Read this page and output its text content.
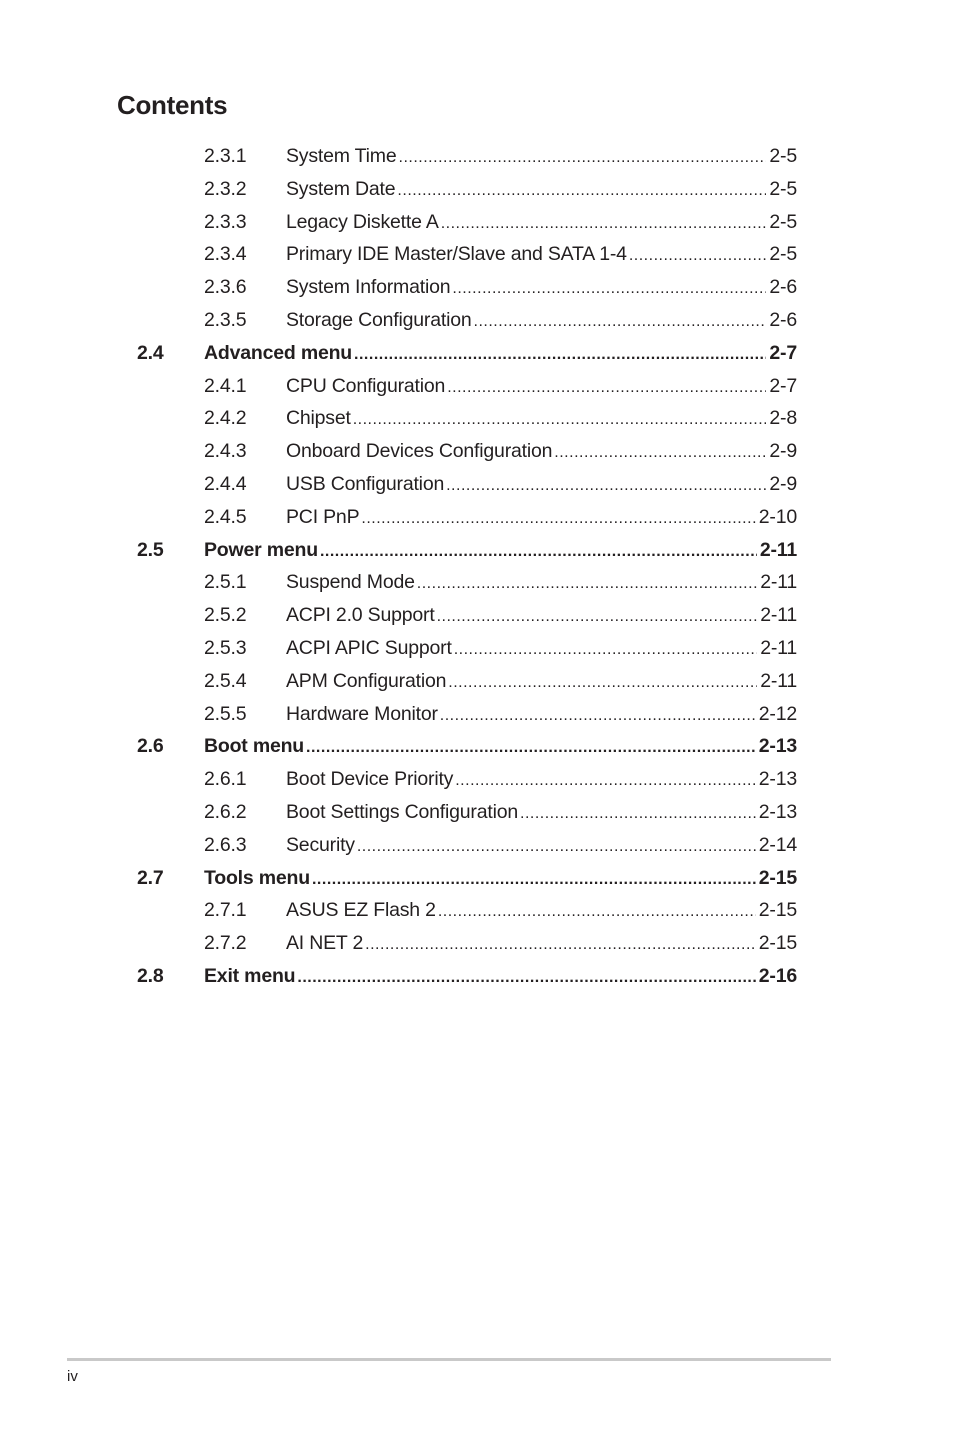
Contents
2.3.1 System Time .....	2-5
2.3.2 System Date .....	2-5
2.3.3 Legacy Diskette A .....	2-5
2.3.4 Primary IDE Master/Slave and SATA 1-4 .....	2-5
2.3.6 System Information .....	2-6
2.3.5 Storage Configuration .....	2-6
2.4 Advanced menu .....	2-7
2.4.1 CPU Configuration .....	2-7
2.4.2 Chipset .....	2-8
2.4.3 Onboard Devices Configuration .....	2-9
2.4.4 USB Configuration .....	2-9
2.4.5 PCI PnP .....	2-10
2.5 Power menu .....	2-11
2.5.1 Suspend Mode .....	2-11
2.5.2 ACPI 2.0 Support .....	2-11
2.5.3 ACPI APIC Support .....	2-11
2.5.4 APM Configuration .....	2-11
2.5.5 Hardware Monitor .....	2-12
2.6 Boot menu .....	2-13
2.6.1 Boot Device Priority .....	2-13
2.6.2 Boot Settings Configuration .....	2-13
2.6.3 Security .....	2-14
2.7 Tools menu .....	2-15
2.7.1 ASUS EZ Flash 2 .....	2-15
2.7.2 AI NET 2 .....	2-15
2.8 Exit menu .....	2-16
iv
